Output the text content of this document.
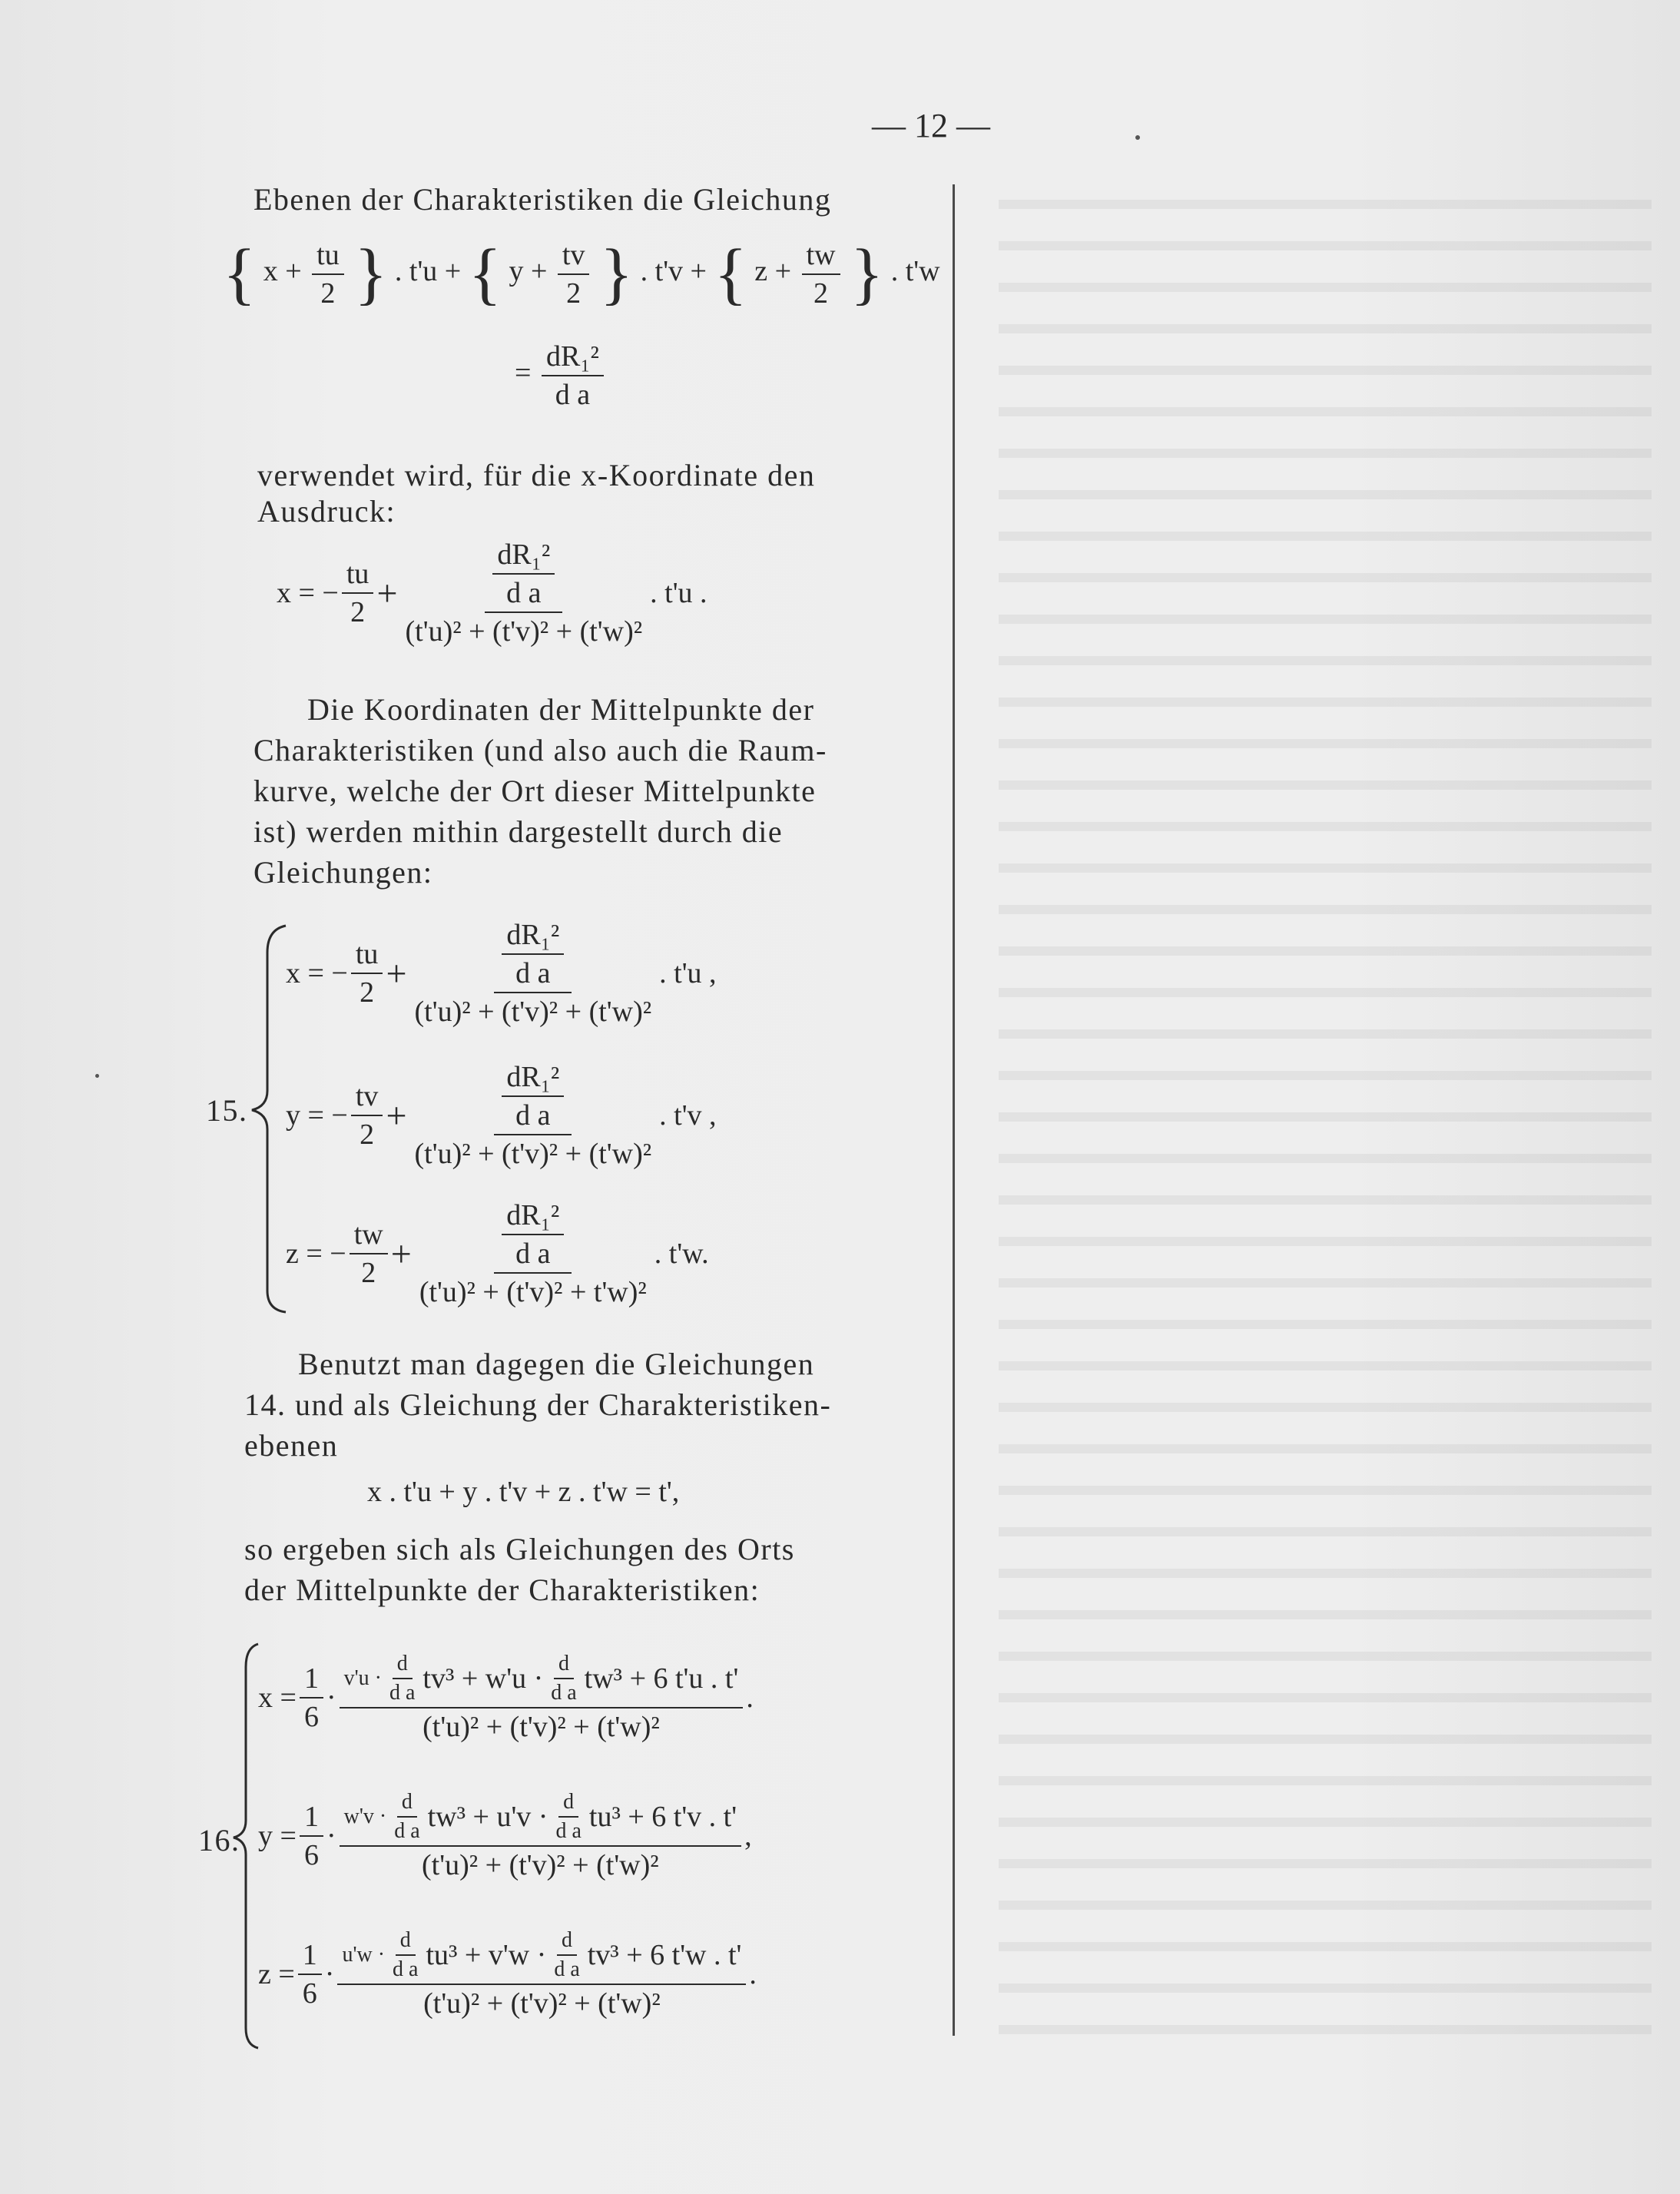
— 12 —
Ebenen der Charakteristiken die Gleichung
{ $x + \frac{tu}{2}$ } . t'u + { $y + \frac{tv}{2}$ } . t'v + { $z + \frac{tw}{2}$ } . t'w
= $\frac{\text{dR₁²}}{\text{d a}}$
verwendet wird, für die x-Koordinate den
Ausdruck:
x = − $\frac{tu}{2} + \frac{\frac{\text{dR₁²}}{\text{d a}}}{\text{(t'u)² + (t'v)² + (t'w)²}}$ . t'u .
Die Koordinaten der Mittelpunkte der
Charakteristiken (und also auch die Raum-
kurve, welche der Ort dieser Mittelpunkte
ist) werden mithin dargestellt durch die
Gleichungen:
15.
x = − $\frac{tu}{2} + \frac{\frac{\text{dR₁²}}{\text{d a}}}{\text{(t'u)² + (t'v)² + (t'w)²}}$ . t'u ,
y = − $\frac{tv}{2} + \frac{\frac{\text{dR₁²}}{\text{d a}}}{\text{(t'u)² + (t'v)² + (t'w)²}}$ . t'v ,
z = − $\frac{tw}{2} + \frac{\frac{\text{dR₁²}}{\text{d a}}}{\text{(t'u)² + (t'v)² + t'w)²}}$ . t'w.
Benutzt man dagegen die Gleichungen
14. und als Gleichung der Charakteristiken-
ebenen
x . t'u + y . t'v + z . t'w = t',
so ergeben sich als Gleichungen des Orts
der Mittelpunkte der Charakteristiken:
16.
$x = \frac{1}{6}$ ·
$v'u \cdot \frac{d}{\text{d a}} tv^3 + w'u \cdot \frac{d}{\text{d a}} tw^3 + 6$ t'u . t'
(t'u)² + (t'v)² + (t'w)²
.
$y = \frac{1}{6}$ ·
$w'v \cdot \frac{d}{\text{d a}} tw^3 + u'v \cdot \frac{d}{\text{d a}} tu^3 + 6$ t'v . t'
(t'u)² + (t'v)² + (t'w)²
,
$z = \frac{1}{6}$ ·
$u'w \cdot \frac{d}{\text{d a}} tu^3 + v'w \cdot \frac{d}{\text{d a}} tv^3 + 6$ t'w . t'
(t'u)² + (t'v)² + (t'w)²
.
